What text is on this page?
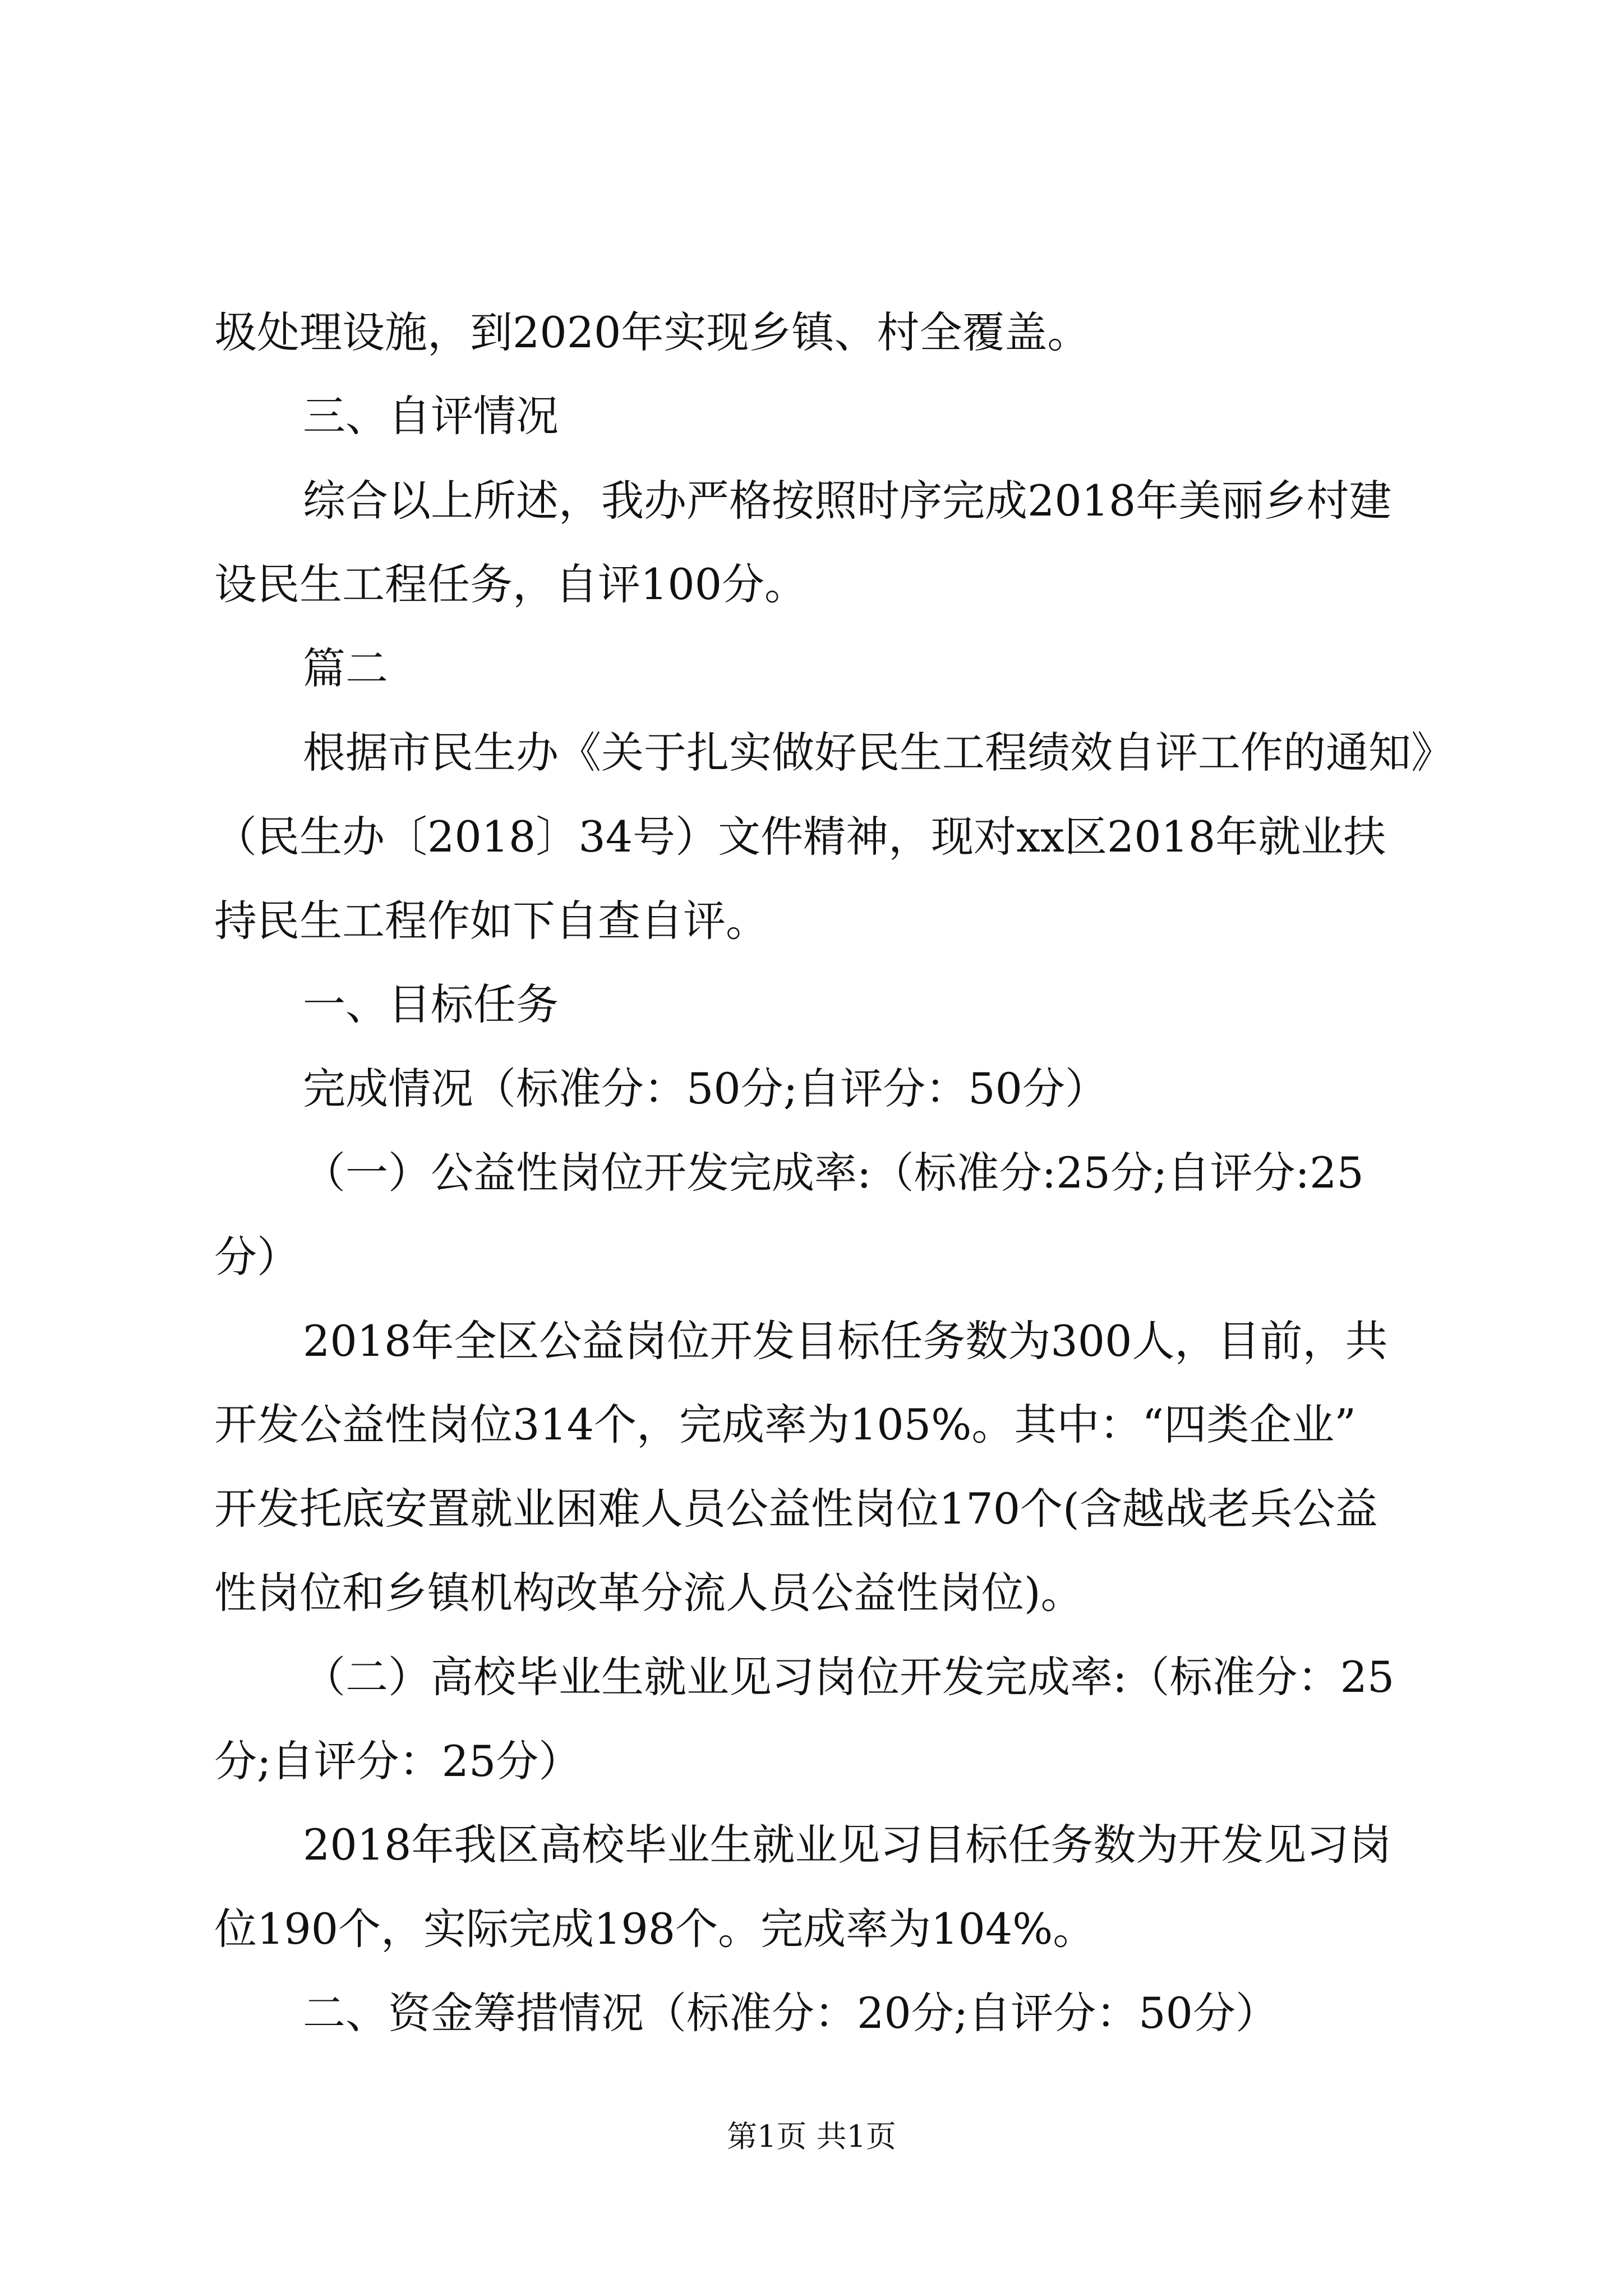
圾处理设施，到2020年实现乡镇、村全覆盖。
三、自评情况
综合以上所述，我办严格按照时序完成2018年美丽乡村建
设民生工程任务，自评100分。
篇二
根据市民生办《关于扎实做好民生工程绩效自评工作的通知》
（民生办〔2018〕34号）文件精神，现对xx区2018年就业扶
持民生工程作如下自查自评。
一、目标任务
完成情况（标准分：50分;自评分：50分）
（一）公益性岗位开发完成率:（标准分:25分;自评分:25
分）
2018年全区公益岗位开发目标任务数为300人，目前，共
开发公益性岗位314个，完成率为105%。其中：“四类企业”
开发托底安置就业困难人员公益性岗位170个(含越战老兵公益
性岗位和乡镇机构改革分流人员公益性岗位)。
（二）高校毕业生就业见习岗位开发完成率:（标准分：25
分;自评分：25分）
2018年我区高校毕业生就业见习目标任务数为开发见习岗
位190个，实际完成198个。完成率为104%。
二、资金筹措情况（标准分：20分;自评分：50分）
第1页 共1页
